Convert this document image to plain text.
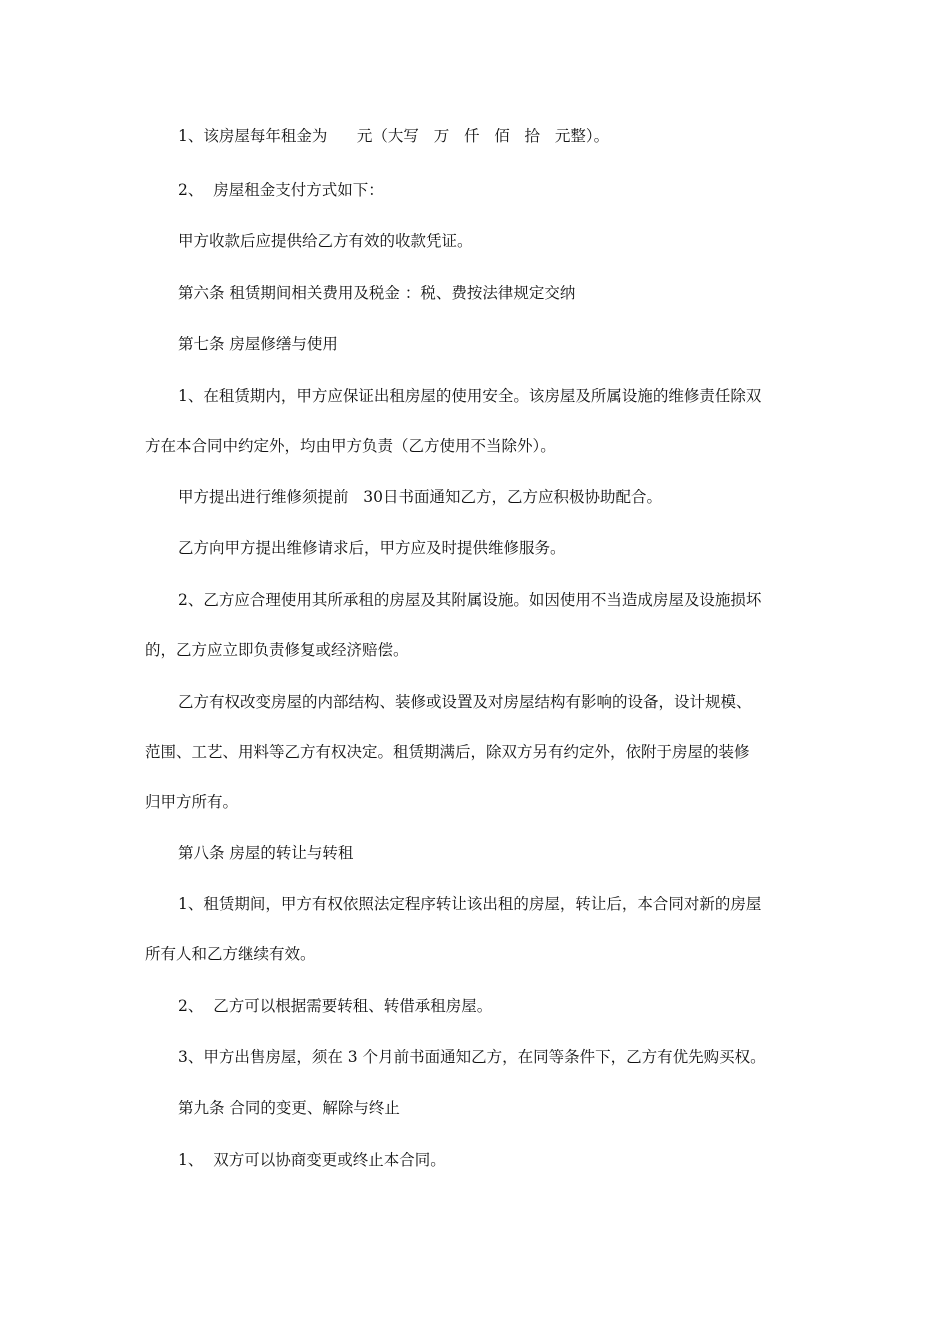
1、该房屋每年租金为      元（大写   万   仟   佰   拾   元整）。
2、  房屋租金支付方式如下：
甲方收款后应提供给乙方有效的收款凭证。
第六条 租赁期间相关费用及税金 ：税、费按法律规定交纳
第七条 房屋修缮与使用
1、在租赁期内，甲方应保证出租房屋的使用安全。该房屋及所属设施的维修责任除双
方在本合同中约定外，均由甲方负责（乙方使用不当除外）。
甲方提出进行维修须提前   30日书面通知乙方，乙方应积极协助配合。
乙方向甲方提出维修请求后，甲方应及时提供维修服务。
2、乙方应合理使用其所承租的房屋及其附属设施。如因使用不当造成房屋及设施损坏
的，乙方应立即负责修复或经济赔偿。
乙方有权改变房屋的内部结构、装修或设置及对房屋结构有影响的设备，设计规模、
范围、工艺、用料等乙方有权决定。租赁期满后，除双方另有约定外，依附于房屋的装修
归甲方所有。
第八条 房屋的转让与转租
1、租赁期间，甲方有权依照法定程序转让该出租的房屋，转让后，本合同对新的房屋
所有人和乙方继续有效。
2、  乙方可以根据需要转租、转借承租房屋。
3、甲方出售房屋，须在 3 个月前书面通知乙方，在同等条件下，乙方有优先购买权。
第九条 合同的变更、解除与终止
1、  双方可以协商变更或终止本合同。
